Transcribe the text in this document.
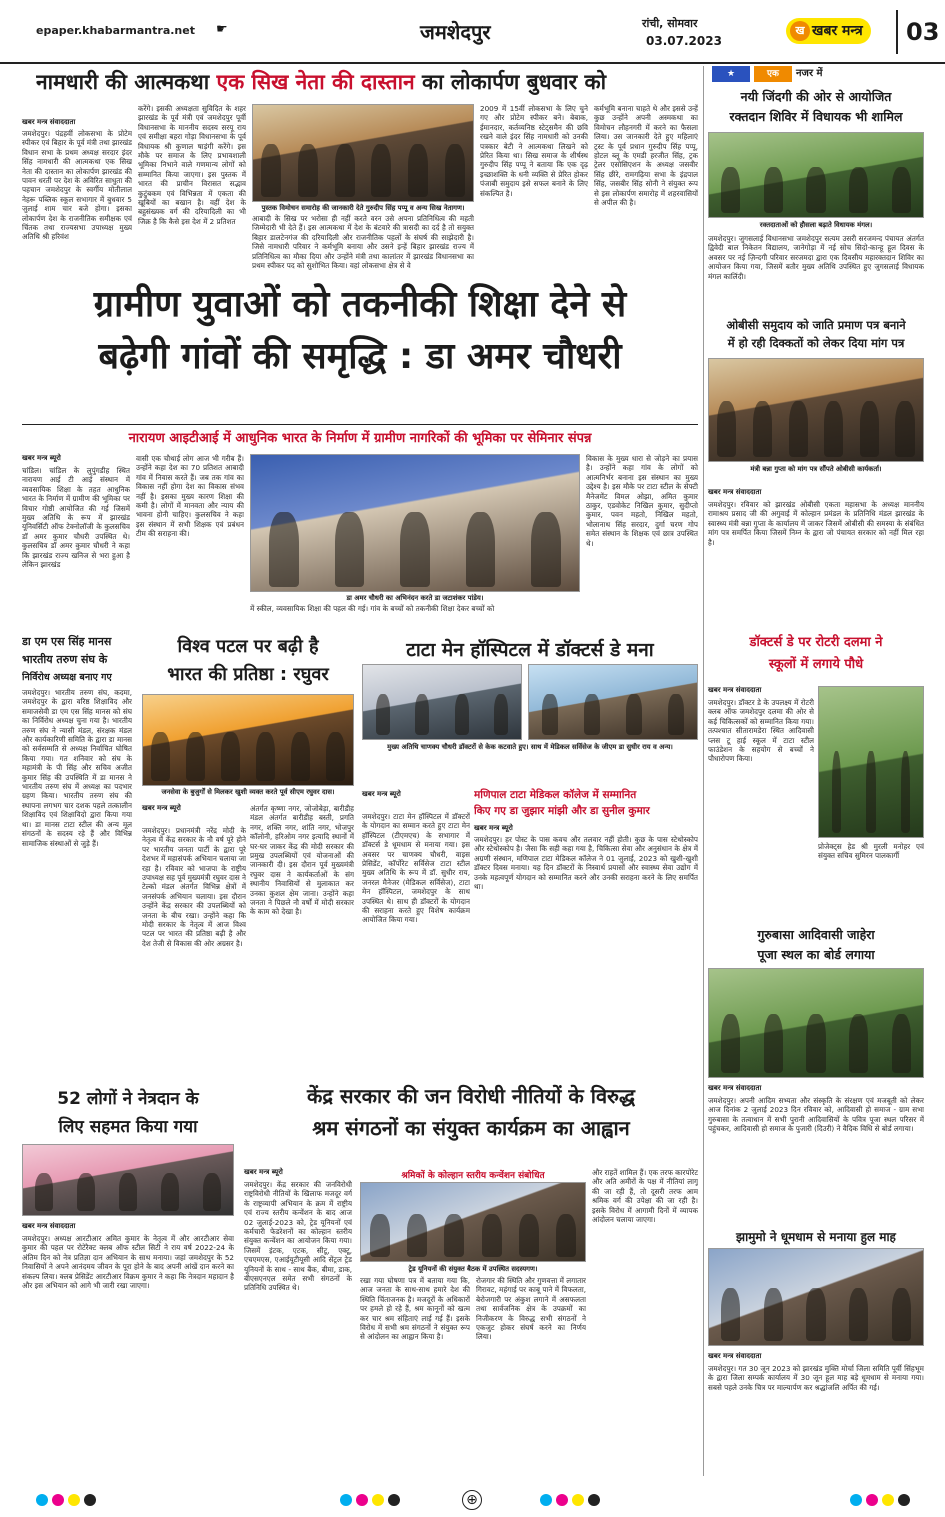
epaper.khabarmantra.net ☛	जमशेदपुर	रांची, सोमवार
03.07.2023
खबर मन्त्र
ख	03
नामधारी की आत्मकथा एक सिख नेता की दास्तान का लोकार्पण बुधवार को
खबर मन्त्र संवाददाता
जमशेदपुर। पंद्रहवीं लोकसभा के प्रोटेम स्पीकर एवं बिहार के पूर्व मंत्री तथा झारखंड विधान सभा के प्रथम अध्यक्ष सरदार इंदर सिंह नामधारी की आत्मकथा एक सिख नेता की दास्तान का लोकार्पण झारखंड की पावन धरती पर देश के अविरित साधुता की पहचान जमशेदपुर के स्वर्गीय मोतीलाल नेहरू पब्लिक स्कूल सभागार में बुधवार 5 जुलाई शाम चार बजे होगा। इसका लोकार्पण देश के राजनीतिक समीक्षक एवं चिंतक तथा राज्यसभा उपाध्यक्ष मुख्य अतिथि श्री हरिवंश
करेंगे। इसकी अध्यक्षता सुविदित के शहर झारखंड के पूर्व मंत्री एवं जमशेदपुर पूर्वी विधानसभा के माननीय सदस्य सरयू राय एवं समीक्षा बहरा गोड़ा विधानसभा के पूर्व विधायक श्री कुणाल षाड़ंगी करेंगे। इस मौके पर समाज के लिए प्रभावशाली भूमिका निभाने वाले गणमान्य लोगों को सम्मानित किया जाएगा। इस पुस्तक में भारत की प्राचीन विरासत सद्भाव कुटुंबकम एवं विभिन्नता में एकता की खूबियों का बखान है। वहीं देश के बहुसंख्यक वर्ग की दरियादिली का भी जिक्र है कि कैसे इस देश में 2 प्रतिशत
पुस्तक विमोचन समारोह की जानकारी देते गुरुदीप सिंह पप्पू व अन्य सिख नेतागण।
आबादी के सिख पर भरोसा ही नहीं करते वरन उसे अपना प्रतिनिधित्व की महती जिम्मेदारी भी देते हैं। इस आत्मकथा में देश के बंटवारे की त्रासदी का दर्द है तो सयुक्त बिहार डालटेनगंज की दरियादिली और राजनीतिक पहलों के संघर्ष की साझेदारी है। जिसे नामधारी परिवार ने कर्मभूमि बनाया और उसने इन्हें बिहार झारखंड राज्य में प्रतिनिधित्व का मौका दिया और उन्होंने मंत्री तथा कालांतर में झारखंड विधानसभा का प्रथम स्पीकर पद को सुशोभित किया। वहां लोकसभा क्षेत्र से वे
2009 में 15वीं लोकसभा के लिए चुने गए और प्रोटेम स्पीकर बने। बेबाक, ईमानदार, कर्तव्यनिष्ठ स्टेट्समैन की छवि रखने वाले इंदर सिंह नामधारी को उनकी पत्रकार बेटी ने आत्मकथा लिखने को प्रेरित किया था। सिख समाज के शीर्षस्थ गुरुदीप सिंह पप्पू ने बताया कि एक दृढ़ इच्छाशक्ति के धनी व्यक्ति से प्रेरित होकर पंजाबी समुदाय इसे सफल बनाने के लिए संकल्पित है।
कर्मभूमि बनाना चाहते थे और इससे उन्हें कुछ उन्होंने अपनी अस्मकथा का विमोचन लौहनगरी में करने का फैसला लिया। उस जानकारी देते हुए महिलाएं ट्रस्ट के पूर्व प्रधान गुरुदीप सिंह पप्पू, होटल ब्लू के एमडी हरजीत सिंह, ट्रक ट्रेलर एसोसिएशन के अध्यक्ष जसवीर सिंह छीरे, रामगढ़िया सभा के इंद्रपाल सिंह, जसबीर सिंह सोनी ने संयुक्त रूप से इस लोकार्पण समारोह में शहरवासियों से अपील की है।
ग्रामीण युवाओं को तकनीकी शिक्षा देने से
बढ़ेगी गांवों की समृद्धि : डा अमर चौधरी
नारायण आइटीआई में आधुनिक भारत के निर्माण में ग्रामीण नागरिकों की भूमिका पर सेमिनार संपन्न
खबर मन्त्र ब्यूरो
चांडिल। चांडिल के लुपुंगडीह स्थित नारायण आई टी आई संस्थान में व्यवसायिक शिक्षा के तहत आधुनिक भारत के निर्माण में ग्रामीण की भूमिका पर विचार गोष्ठी आयोजित की गई जिसमें मुख्य अतिथि के रूप में झारखंड यूनिवर्सिटी ऑफ टेक्नोलॉजी के कुलसचिव डॉ अमर कुमार चौधरी उपस्थित थे। कुलसचिव डॉ अमर कुमार चौधरी ने कहा कि झारखंड राज्य खनिज से भरा हुआ है लेकिन झारखंड
वासी एक चौथाई लोग आज भी गरीब हैं। उन्होंने कहा देश का 70 प्रतिशत आबादी गांव में निवास करते हैं। जब तक गांव का विकास नहीं होगा देश का विकास संभव नहीं है। इसका मुख्य कारण शिक्षा की कमी है। लोगों में मानवता और न्याय की भावना होनी चाहिए। कुलसचिव ने कहा इस संस्थान में सभी शिक्षक एवं प्रबंधन टीम की सराहना की।
डा अमर चौधरी का अभिनंदन करते डा जटाशंकर पांडेय।
विकास के मुख्य धारा से जोड़ने का प्रयास है। उन्होंने कहा गांव के लोगों को आत्मनिर्भर बनाना इस संस्थान का मुख्य उद्देश्य है। इस मौके पर टाटा स्टील के सेफ्टी मैनेजमेंट विमल ओझा, अमित कुमार ठाकुर, एडवोकेट निखिल कुमार, सुदीप्तो कुमार, पवन महतो, निखिल महतो, भोलानाथ सिंह सरदार, दुर्गा चरण गोप समेत संस्थान के शिक्षक एवं छात्र उपस्थित थे।
में स्कील, व्यवसायिक शिक्षा की पहल की गई। गांव के बच्चों को तकनीकी शिक्षा देकर बच्चों को
डा एम एस सिंह मानस
भारतीय तरुण संघ के
निर्विरोध अध्यक्ष बनाए गए
जमशेदपुर। भारतीय तरुण संघ, कदमा, जमशेदपुर के द्वारा वरिष्ठ शिक्षाविद और समाजसेवी डा एम एस सिंह मानस को संघ का निर्विरोध अध्यक्ष चुना गया है। भारतीय तरुण संघ ने न्यासी मंडल, संरक्षक मंडल और कार्यकारिणी समिति के द्वारा डा मानस को सर्वसम्मति से अध्यक्ष निर्वाचित घोषित किया गया। गत शनिवार को संघ के महामंत्री के पी सिंह और सचिव अजीत कुमार सिंह की उपस्थिति में डा मानस ने भारतीय तरुण संघ में अध्यक्ष का पदभार ग्रहण किया। भारतीय तरुण संघ की स्थापना लगभग चार दशक पहले तत्कालीन शिक्षाविद एवं शिक्षाविदो द्वारा किया गया था। डा मानस टाटा स्टील की अन्य मूल संगठनों के सदस्य रहे हैं और विभिन्न सामाजिक संस्थाओं से जुड़े हैं।
विश्व पटल पर बढ़ी है
भारत की प्रतिष्ठा : रघुवर
जनसेवा के बुजुर्गों से मिलकर खुशी व्यक्त करते पूर्व सीएम रघुवर दास।
खबर मन्त्र ब्यूरो
जमशेदपुर। प्रधानमंत्री नरेंद्र मोदी के नेतृत्व में केंद्र सरकार के नौ वर्ष पूरे होने पर भारतीय जनता पार्टी के द्वारा पूरे देशभर में महासंपर्क अभियान चलाया जा रहा है। रविवार को भाजपा के राष्ट्रीय उपाध्यक्ष सह पूर्व मुख्यमंत्री रघुवर दास ने टेल्को मंडल अंतर्गत विभिन्न क्षेत्रों में जनसंपर्क अभियान चलाया। इस दौरान उन्होंने केंद्र सरकार की उपलब्धियों को जनता के बीच रखा। उन्होंने कहा कि मोदी सरकार के नेतृत्व में आज विश्व पटल पर भारत की प्रतिष्ठा बढ़ी है और देश तेजी से विकास की ओर अग्रसर है।
अंतर्गत कृष्णा नगर, जोजोबेड़ा, बारीडीह मंडल अंतर्गत बारीडीह बस्ती, प्रगति नगर, शक्ति नगर, शांति नगर, भोजपुर कॉलोनी, हरिओम नगर इत्यादि स्थानों में घर-घर जाकर केंद्र की मोदी सरकार की प्रमुख उपलब्धियों एवं योजनाओं की जानकारी दी। इस दौरान पूर्व मुख्यमंत्री रघुवर दास ने कार्यकर्ताओं के संग स्थानीय निवासियों से मुलाकात कर उनका कुशल क्षेम जाना। उन्होंने कहा जनता ने पिछले नौ वर्षों में मोदी सरकार के काम को देखा है।
टाटा मेन हॉस्पिटल में डॉक्टर्स डे मना
मुख्य अतिथि चाणक्य चौधरी डॉक्टरों से केक कटवाते हुए। साथ में मेडिकल सर्विसेज के जीएम डा सुधीर राय व अन्य।
खबर मन्त्र ब्यूरो
जमशेदपुर। टाटा मेन हॉस्पिटल में डॉक्टरों के योगदान का सम्मान करते हुए टाटा मेन हॉस्पिटल (टीएमएच) के सभागार में डॉक्टर्स डे धूमधाम से मनाया गया। इस अवसर पर चाणक्य चौधरी, वाइस प्रेसिडेंट, कॉर्पोरेट सर्विसेज टाटा स्टील मुख्य अतिथि के रूप में डॉ. सुधीर राय, जनरल मैनेजर (मेडिकल सर्विसेज), टाटा मेन हॉस्पिटल, जमशेदपुर के साथ उपस्थित थे। साथ ही डॉक्टरों के योगदान की सराहना करते हुए विशेष कार्यक्रम आयोजित किया गया।
मणिपाल टाटा मेडिकल कॉलेज में सम्मानित
किए गए डा जुझार मांझी और डा सुनील कुमार
खबर मन्त्र ब्यूरो
जमशेदपुर। हर पोस्ट के पास कवच और तलवार नहीं होती। कुछ के पास स्टेथोस्कोप और स्टेथोस्कोप है। जैसा कि सही कहा गया है, चिकित्सा सेवा और अनुसंधान के क्षेत्र में अग्रणी संस्थान, मणिपाल टाटा मेडिकल कॉलेज ने 01 जुलाई, 2023 को खुशी-खुशी डॉक्टर दिवस मनाया। यह दिन डॉक्टरों के निस्वार्थ प्रयासों और स्वास्थ्य सेवा उद्योग में उनके महत्वपूर्ण योगदान को सम्मानित करने और उनकी सराहना करने के लिए समर्पित था।
52 लोगों ने नेत्रदान के
लिए सहमत किया गया
खबर मन्त्र संवाददाता
जमशेदपुर। अध्यक्ष आरटीआर अमित कुमार के नेतृत्व में और आरटीआर सेवा कुमार की पहल पर रोटेरैक्ट क्लब ऑफ स्टील सिटी ने राय वर्ष 2022-24 के अंतिम दिन को नेत्र प्रतिज्ञा दान अभियान के साथ मनाया। जहां जमशेदपुर के 52 निवासियों ने अपने आनंदमय जीवन के पूरा होने के बाद अपनी आंखें दान करने का संकल्प लिया। क्लब प्रेसिडेंट आरटीआर विक्रम कुमार ने कहा कि नेत्रदान महादान है और इस अभियान को आगे भी जारी रखा जाएगा।
केंद्र सरकार की जन विरोधी नीतियों के विरुद्ध
श्रम संगठनों का संयुक्त कार्यक्रम का आह्वान
खबर मन्त्र ब्यूरो
जमशेदपुर। केंद्र सरकार की जनविरोधी राष्ट्रविरोधी नीतियों के खिलाफ मजदूर वर्ग के राष्ट्रव्यापी अभियान के क्रम में राष्ट्रीय एवं राज्य स्तरीय कन्वेंशन के बाद आज 02 जुलाई-2023 को, ट्रेड यूनियनों एवं कर्मचारी फेडरेशनों का कोल्हान स्तरीय संयुक्त कन्वेंशन का आयोजन किया गया। जिसमें इंटक, एटक, सीटू, एक्टू, एचएमएस, एआईयूटीयूसी आदि सेंट्रल ट्रेड यूनियनों के साथ - साथ बैंक, बीमा, डाक, बीएसएनएल समेत सभी संगठनों के प्रतिनिधि उपस्थित थे।
श्रमिकों के कोल्हान स्तरीय कन्वेंशन संबोधित
ट्रेड यूनियनों की संयुक्त बैठक में उपस्थित सदस्यगण।
रखा गया घोषणा पत्र में बताया गया कि, आज जनता के साथ-साथ हमारे देश की स्थिति चिंताजनक है। मजदूरों के अधिकारों पर हमले हो रहे हैं, श्रम कानूनों को खत्म कर चार श्रम संहिताएं लाई गई हैं। इसके विरोध में सभी श्रम संगठनों ने संयुक्त रूप से आंदोलन का आह्वान किया है।
रोजगार की स्थिति और गुणवत्ता में लगातार गिरावट, महंगाई पर काबू पाने में विफलता, बेरोजगारी पर अंकुश लगाने में असफलता तथा सार्वजनिक क्षेत्र के उपक्रमों का निजीकरण के विरुद्ध सभी संगठनों ने एकजुट होकर संघर्ष करने का निर्णय लिया।
और राहतें शामिल हैं। एक तरफ कारपोरेट और अति अमीरों के पक्ष में नीतियां लागू की जा रही हैं, तो दूसरी तरफ आम श्रमिक वर्ग की उपेक्षा की जा रही है। इसके विरोध में आगामी दिनों में व्यापक आंदोलन चलाया जाएगा।
★	एक	नजर में
नयी जिंदगी की ओर से आयोजित
रक्तदान शिविर में विधायक भी शामिल
रक्तदाताओं को हौसला बढ़ाते विधायक मंगल।
जमशेदपुर। जुगसलाई विधानसभा जमशेदपुर सत्यम उसरी सरजमन्द पंचायत अंतर्गत द्विवेदी बाल निकेतन विद्यालय, जानेगोड़ा में नई सोच सिदो-कान्हू हूल दिवस के अवसर पर नई ज़िन्दगी परिवार सरजमदा द्वारा एक दिवसीय महारक्तदान शिविर का आयोजन किया गया, जिसमें बतौर मुख्य अतिथि उपस्थित हुए जुगसलाई विधायक मंगल कालिंदी।
ओबीसी समुदाय को जाति प्रमाण पत्र बनाने
में हो रही दिक्कतों को लेकर दिया मांग पत्र
मंत्री बन्ना गुप्ता को मांग पत्र सौंपते ओबीसी कार्यकर्ता।
खबर मन्त्र संवाददाता
जमशेदपुर। रविवार को झारखंड ओबीसी एकता महासभा के अध्यक्ष माननीय रामाश्रय प्रसाद जी की अगुवाई में कोल्हान प्रमंडल के प्रतिनिधि मंडल झारखंड के स्वास्थ्य मंत्री बन्ना गुप्ता के कार्यालय में जाकर जिसमें ओबीसी की समस्या के संबंधित मांग पत्र समर्पित किया जिसमें निम्न के द्वारा जो पंचायत सरकार को नहीं मिल रहा है।
डॉक्टर्स डे पर रोटरी दलमा ने
स्कूलों में लगाये पौधे
खबर मन्त्र संवाददाता
जमशेदपुर। डॉक्टर डे के उपलक्ष्य में रोटरी क्लब ऑफ जमशेदपुर दलमा की ओर से कई चिकित्सकों को सम्मानित किया गया। तत्पश्चात सीतारामडेरा स्थित आदिवासी प्लस टू हाई स्कूल में टाटा स्टील फाउंडेशन के सहयोग से बच्चों ने पौधारोपण किया।
प्रोजेक्ट्स हेड श्री मुरली मनोहर एवं संयुक्त सचिव सुमिरन पालकार्गी
गुरुबासा आदिवासी जाहेरा
पूजा स्थल का बोर्ड लगाया
खबर मन्त्र संवाददाता
जमशेदपुर। अपनी आदिम सभ्यता और संस्कृति के संरक्षण एवं मजबूती को लेकर आज दिनांक 2 जुलाई 2023 दिन रविवार को, आदिवासी हो समाज - ग्राम सभा गुरुबासा के तत्वाधान में सभी पुरानी आदिवासियों के पवित्र पूजा स्थल परिसर में पहुंचकर, आदिवासी हो समाज के पुजारी (दिउरी) ने वैदिक विधि से बोर्ड लगाया।
झामुमो ने धूमधाम से मनाया हुल माह
खबर मन्त्र संवाददाता
जमशेदपुर। गत 30 जून 2023 को झारखंड मुक्ति मोर्चा जिला समिति पूर्वी सिंहभूम के द्वारा जिला सम्पर्क कार्यालय में 30 जून हूल माह बड़े धूमधाम से मनाया गया। सबसे पहले उनके चित्र पर माल्यार्पण कर श्रद्धांजलि अर्पित की गई।
⊕
